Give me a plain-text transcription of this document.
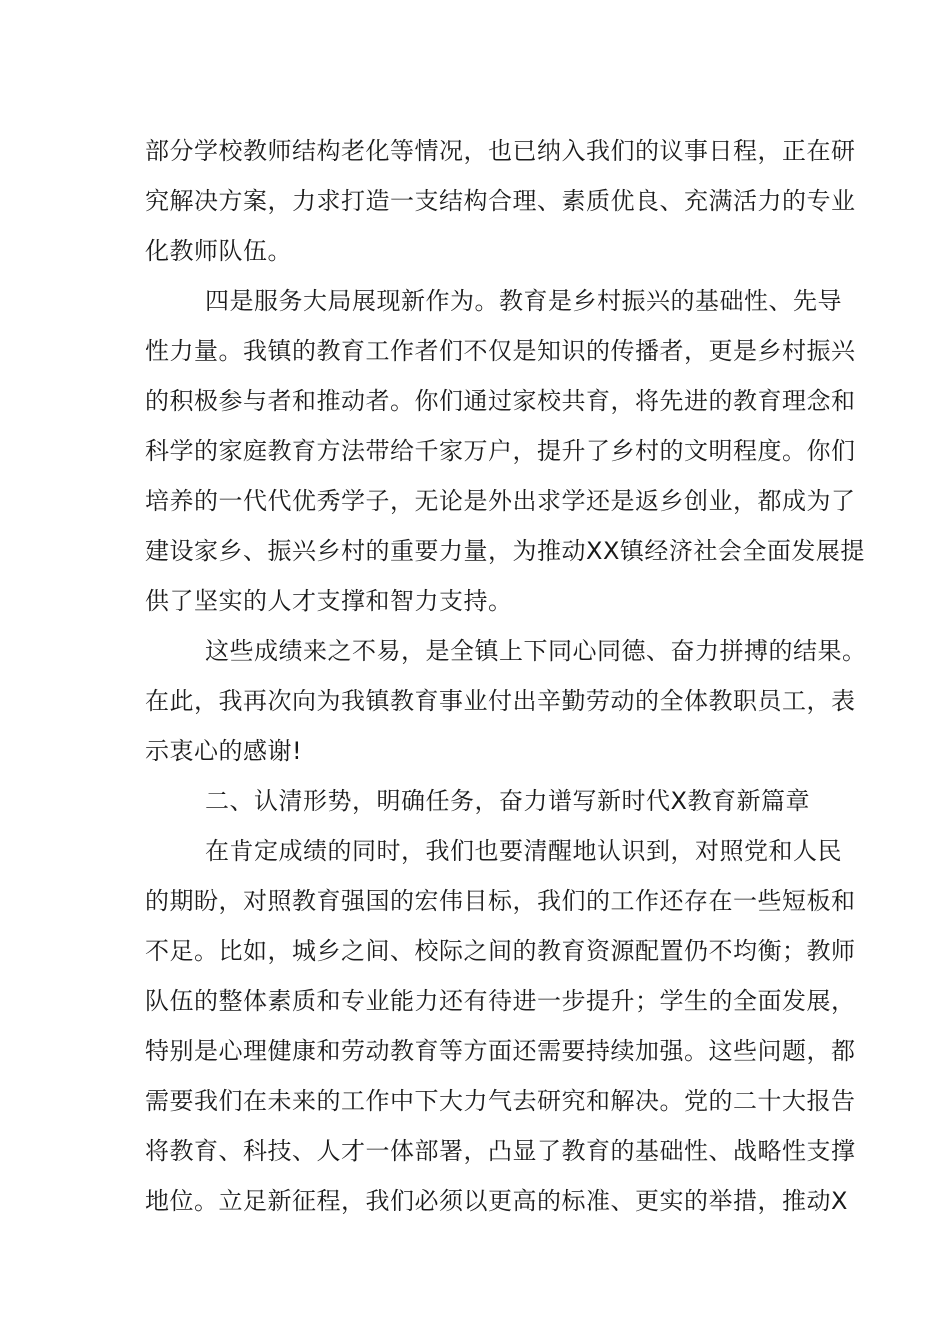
部分学校教师结构老化等情况，也已纳入我们的议事日程，正在研

究解决方案，力求打造一支结构合理、素质优良、充满活力的专业

化教师队伍。

四是服务大局展现新作为。教育是乡村振兴的基础性、先导

性力量。我镇的教育工作者们不仅是知识的传播者，更是乡村振兴

的积极参与者和推动者。你们通过家校共育，将先进的教育理念和

科学的家庭教育方法带给千家万户，提升了乡村的文明程度。你们

培养的一代代优秀学子，无论是外出求学还是返乡创业，都成为了

建设家乡、振兴乡村的重要力量，为推动XX镇经济社会全面发展提

供了坚实的人才支撑和智力支持。

这些成绩来之不易，是全镇上下同心同德、奋力拼搏的结果。

在此，我再次向为我镇教育事业付出辛勤劳动的全体教职员工，表

示衷心的感谢!

二、认清形势，明确任务，奋力谱写新时代X教育新篇章

在肯定成绩的同时，我们也要清醒地认识到，对照党和人民

的期盼，对照教育强国的宏伟目标，我们的工作还存在一些短板和

不足。比如，城乡之间、校际之间的教育资源配置仍不均衡；教师

队伍的整体素质和专业能力还有待进一步提升；学生的全面发展，

特别是心理健康和劳动教育等方面还需要持续加强。这些问题，都

需要我们在未来的工作中下大力气去研究和解决。党的二十大报告

将教育、科技、人才一体部署，凸显了教育的基础性、战略性支撑

地位。立足新征程，我们必须以更高的标准、更实的举措，推动X
